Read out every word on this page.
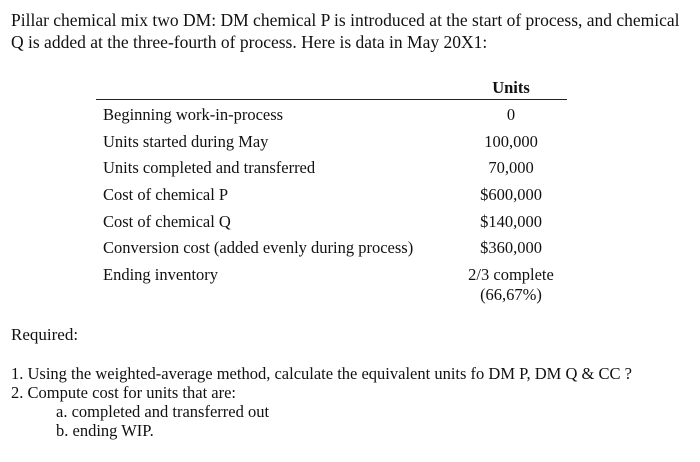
Pillar chemical mix two DM: DM chemical P is introduced at the start of process, and chemical Q is added at the three-fourth of process. Here is data in May 20X1:

Units
Beginning work-in-process	0
Units started during May	100,000
Units completed and transferred	70,000
Cost of chemical P	$600,000
Cost of chemical Q	$140,000
Conversion cost (added evenly during process)	$360,000
Ending inventory	2/3 complete
(66,67%)

Required:

1. Using the weighted-average method, calculate the equivalent units fo DM P, DM Q & CC ?
2. Compute cost for units that are:
a. completed and transferred out
b. ending WIP.
